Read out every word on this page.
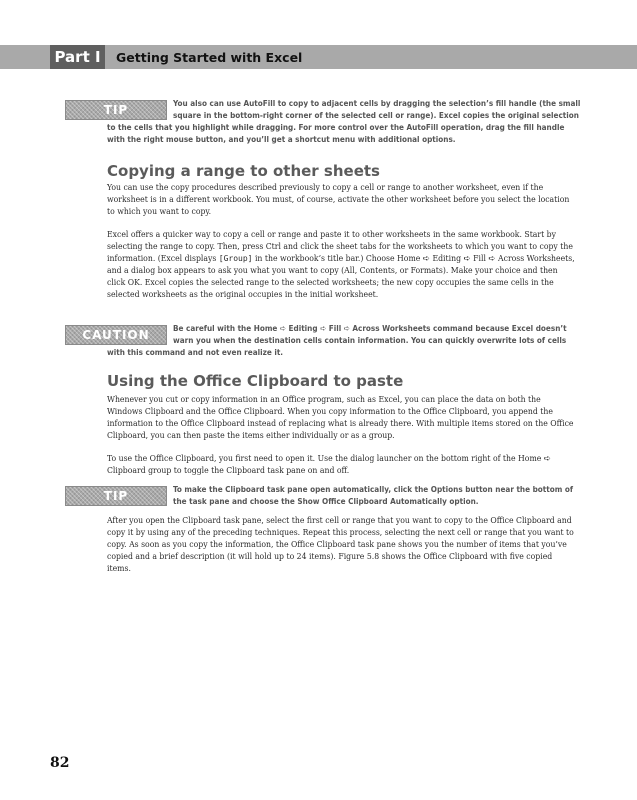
Part I	Getting Started with Excel
TIP	You also can use AutoFill to copy to adjacent cells by dragging the selection’s fill handle (the small square in the bottom-right corner of the selected cell or range). Excel copies the original selection to the cells that you highlight while dragging. For more control over the AutoFill operation, drag the fill handle with the right mouse button, and you’ll get a shortcut menu with additional options.
Copying a range to other sheets

You can use the copy procedures described previously to copy a cell or range to another worksheet, even if the worksheet is in a different workbook. You must, of course, activate the other worksheet before you select the location to which you want to copy.

Excel offers a quicker way to copy a cell or range and paste it to other worksheets in the same workbook. Start by selecting the range to copy. Then, press Ctrl and click the sheet tabs for the worksheets to which you want to copy the information. (Excel displays [Group] in the workbook’s title bar.) Choose Home ➪ Editing ➪ Fill ➪ Across Worksheets, and a dialog box appears to ask you what you want to copy (All, Contents, or Formats). Make your choice and then click OK. Excel copies the selected range to the selected worksheets; the new copy occupies the same cells in the selected worksheets as the original occupies in the initial worksheet.

CAUTION	Be careful with the Home ➪ Editing ➪ Fill ➪ Across Worksheets command because Excel doesn’t warn you when the destination cells contain information. You can quickly overwrite lots of cells with this command and not even realize it.
Using the Office Clipboard to paste

Whenever you cut or copy information in an Office program, such as Excel, you can place the data on both the Windows Clipboard and the Office Clipboard. When you copy information to the Office Clipboard, you append the information to the Office Clipboard instead of replacing what is already there. With multiple items stored on the Office Clipboard, you can then paste the items either individually or as a group.

To use the Office Clipboard, you first need to open it. Use the dialog launcher on the bottom right of the Home ➪ Clipboard group to toggle the Clipboard task pane on and off.

TIP	To make the Clipboard task pane open automatically, click the Options button near the bottom of the task pane and choose the Show Office Clipboard Automatically option.

After you open the Clipboard task pane, select the first cell or range that you want to copy to the Office Clipboard and copy it by using any of the preceding techniques. Repeat this process, selecting the next cell or range that you want to copy. As soon as you copy the information, the Office Clipboard task pane shows you the number of items that you’ve copied and a brief description (it will hold up to 24 items). Figure 5.8 shows the Office Clipboard with five copied items.

82
